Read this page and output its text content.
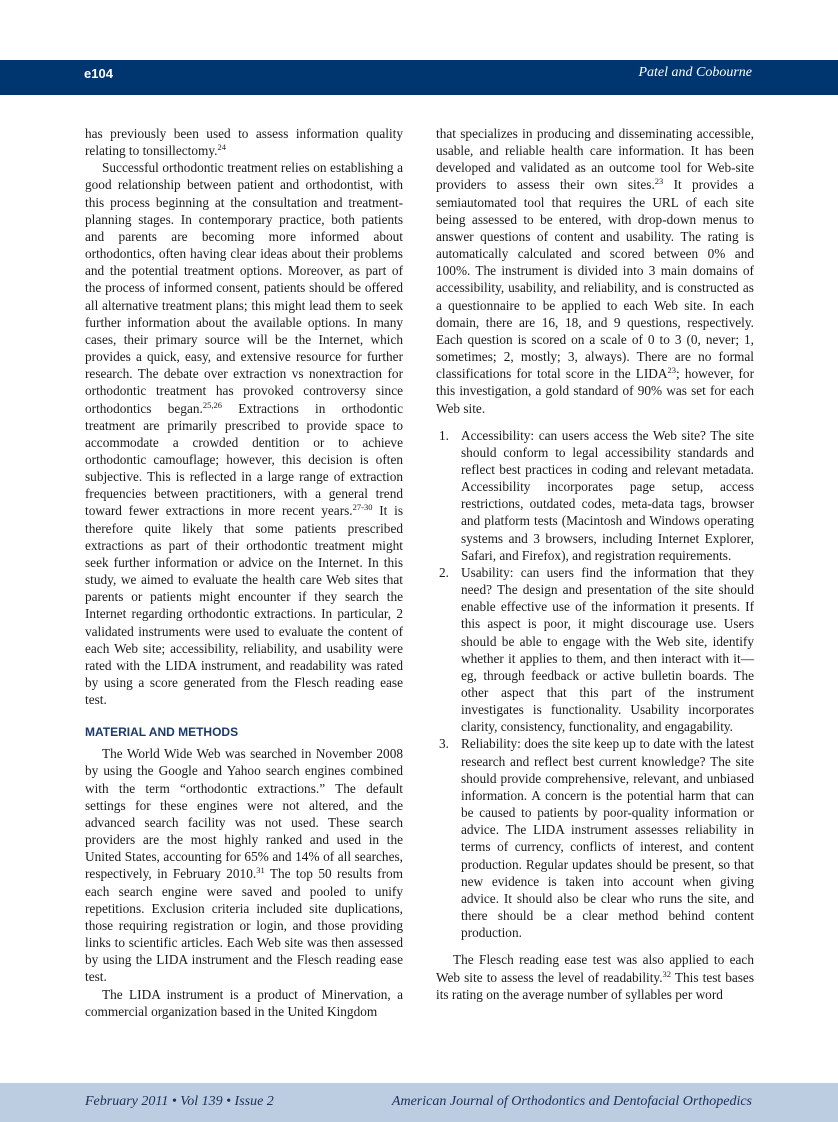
e104	Patel and Cobourne

has previously been used to assess information quality relating to tonsillectomy.$^{24}$

Successful orthodontic treatment relies on establishing a good relationship between patient and orthodontist, with this process beginning at the consultation and treatment-planning stages. In contemporary practice, both patients and parents are becoming more informed about orthodontics, often having clear ideas about their problems and the potential treatment options. Moreover, as part of the process of informed consent, patients should be offered all alternative treatment plans; this might lead them to seek further information about the available options. In many cases, their primary source will be the Internet, which provides a quick, easy, and extensive resource for further research. The debate over extraction vs nonextraction for orthodontic treatment has provoked controversy since orthodontics began.$^{25,26}$ Extractions in orthodontic treatment are primarily prescribed to provide space to accommodate a crowded dentition or to achieve orthodontic camouflage; however, this decision is often subjective. This is reflected in a large range of extraction frequencies between practitioners, with a general trend toward fewer extractions in more recent years.$^{27-30}$ It is therefore quite likely that some patients prescribed extractions as part of their orthodontic treatment might seek further information or advice on the Internet. In this study, we aimed to evaluate the health care Web sites that parents or patients might encounter if they search the Internet regarding orthodontic extractions. In particular, 2 validated instruments were used to evaluate the content of each Web site; accessibility, reliability, and usability were rated with the LIDA instrument, and readability was rated by using a score generated from the Flesch reading ease test.

MATERIAL AND METHODS

The World Wide Web was searched in November 2008 by using the Google and Yahoo search engines combined with the term “orthodontic extractions.” The default settings for these engines were not altered, and the advanced search facility was not used. These search providers are the most highly ranked and used in the United States, accounting for 65% and 14% of all searches, respectively, in February 2010.31 The top 50 results from each search engine were saved and pooled to unify repetitions. Exclusion criteria included site duplications, those requiring registration or login, and those providing links to scientific articles. Each Web site was then assessed by using the LIDA instrument and the Flesch reading ease test.

The LIDA instrument is a product of Minervation, a commercial organization based in the United Kingdom

that specializes in producing and disseminating accessible, usable, and reliable health care information. It has been developed and validated as an outcome tool for Web-site providers to assess their own sites.$^{23}$ It provides a semiautomated tool that requires the URL of each site being assessed to be entered, with drop-down menus to answer questions of content and usability. The rating is automatically calculated and scored between 0% and 100%. The instrument is divided into 3 main domains of accessibility, usability, and reliability, and is constructed as a questionnaire to be applied to each Web site. In each domain, there are 16, 18, and 9 questions, respectively. Each question is scored on a scale of 0 to 3 (0, never; 1, sometimes; 2, mostly; 3, always). There are no formal classifications for total score in the LIDA$^{23}$; however, for this investigation, a gold standard of 90% was set for each Web site.

1. Accessibility: can users access the Web site? The site should conform to legal accessibility standards and reflect best practices in coding and relevant metadata. Accessibility incorporates page setup, access restrictions, outdated codes, meta-data tags, browser and platform tests (Macintosh and Windows operating systems and 3 browsers, including Internet Explorer, Safari, and Firefox), and registration requirements.
2. Usability: can users find the information that they need? The design and presentation of the site should enable effective use of the information it presents. If this aspect is poor, it might discourage use. Users should be able to engage with the Web site, identify whether it applies to them, and then interact with it—eg, through feedback or active bulletin boards. The other aspect that this part of the instrument investigates is functionality. Usability incorporates clarity, consistency, functionality, and engagability.
3. Reliability: does the site keep up to date with the latest research and reflect best current knowledge? The site should provide comprehensive, relevant, and unbiased information. A concern is the potential harm that can be caused to patients by poor-quality information or advice. The LIDA instrument assesses reliability in terms of currency, conflicts of interest, and content production. Regular updates should be present, so that new evidence is taken into account when giving advice. It should also be clear who runs the site, and there should be a clear method behind content production.

The Flesch reading ease test was also applied to each Web site to assess the level of readability.$^{32}$ This test bases its rating on the average number of syllables per word

February 2011 • Vol 139 • Issue 2	American Journal of Orthodontics and Dentofacial Orthopedics
